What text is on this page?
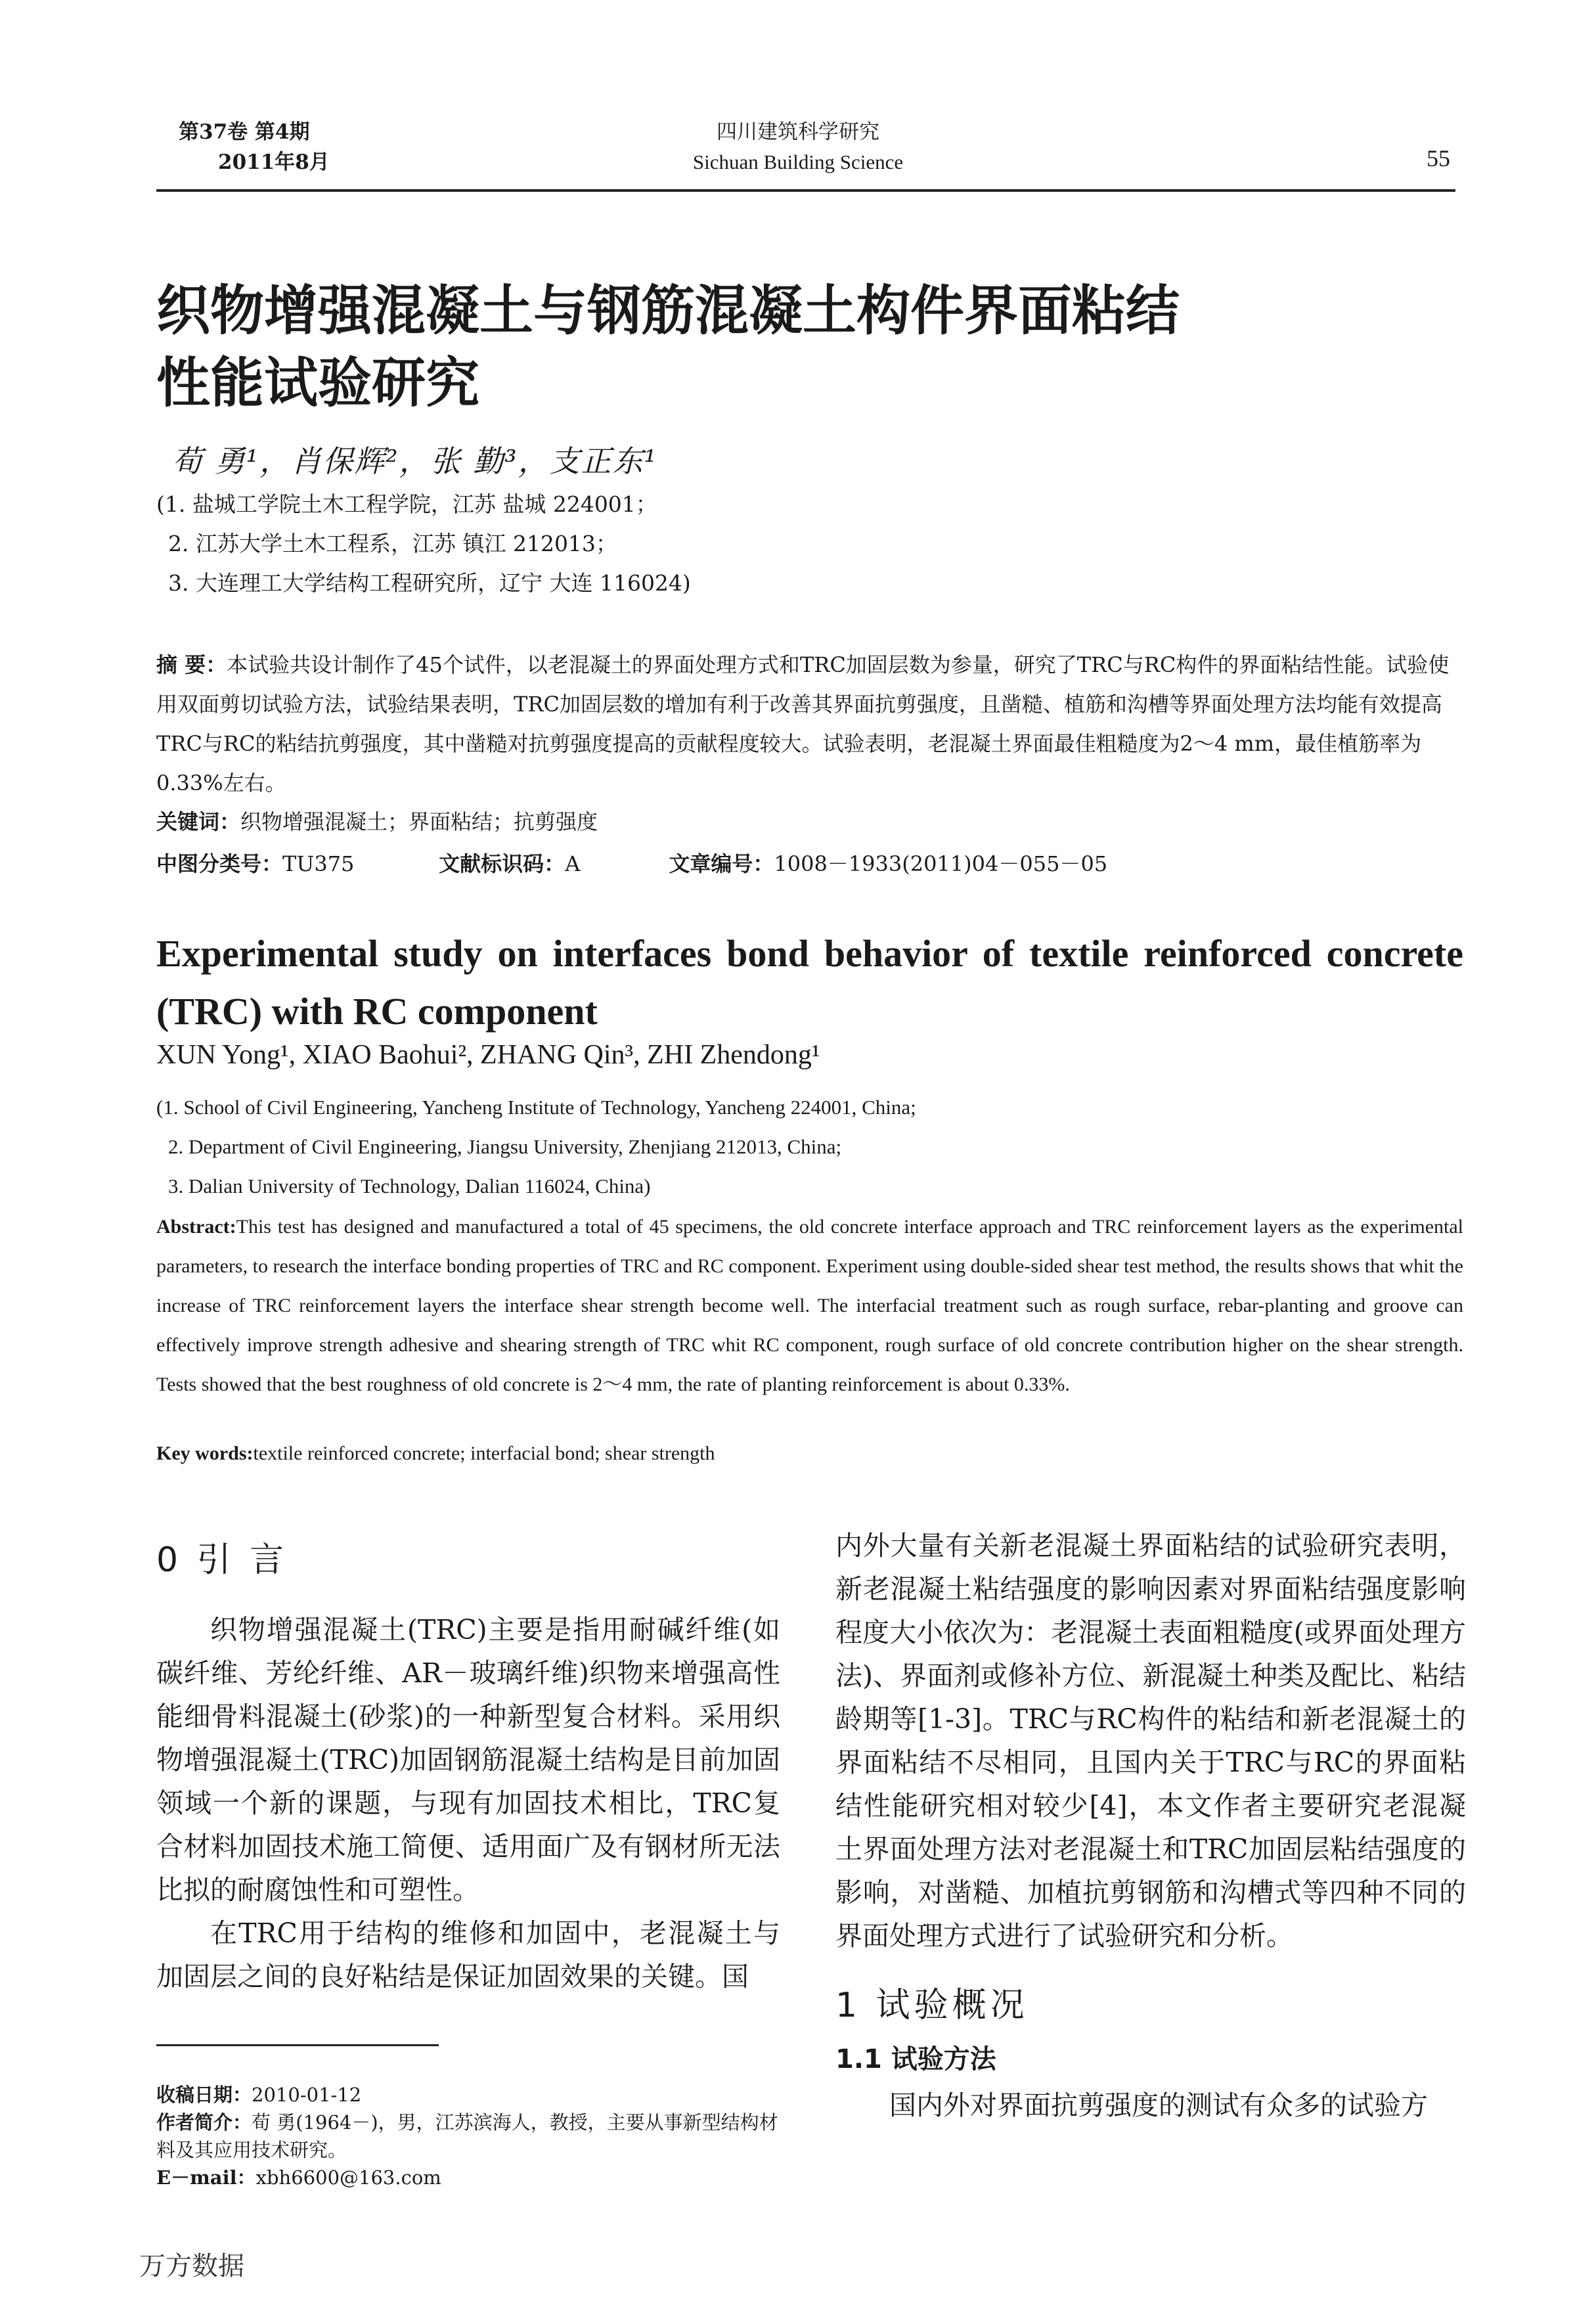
第37卷 第4期
2011年8月
四川建筑科学研究
Sichuan Building Science	55
织物增强混凝土与钢筋混凝土构件界面粘结
性能试验研究
荀 勇¹，肖保辉²，张 勤³，支正东¹
(1. 盐城工学院土木工程学院，江苏 盐城 224001；
2. 江苏大学土木工程系，江苏 镇江 212013；
3. 大连理工大学结构工程研究所，辽宁 大连 116024)
摘 要：本试验共设计制作了45个试件，以老混凝土的界面处理方式和TRC加固层数为参量，研究了TRC与RC构件的界面粘结性能。试验使用双面剪切试验方法，试验结果表明，TRC加固层数的增加有利于改善其界面抗剪强度，且凿糙、植筋和沟槽等界面处理方法均能有效提高TRC与RC的粘结抗剪强度，其中凿糙对抗剪强度提高的贡献程度较大。试验表明，老混凝土界面最佳粗糙度为2～4 mm，最佳植筋率为0.33%左右。
关键词：织物增强混凝土；界面粘结；抗剪强度
中图分类号：TU375	文献标识码：A	文章编号：1008－1933(2011)04－055－05
Experimental study on interfaces bond behavior of textile reinforced concrete (TRC) with RC component
XUN Yong¹, XIAO Baohui², ZHANG Qin³, ZHI Zhendong¹
(1. School of Civil Engineering, Yancheng Institute of Technology, Yancheng 224001, China;
2. Department of Civil Engineering, Jiangsu University, Zhenjiang 212013, China;
3. Dalian University of Technology, Dalian 116024, China)
Abstract:This test has designed and manufactured a total of 45 specimens, the old concrete interface approach and TRC reinforcement layers as the experimental parameters, to research the interface bonding properties of TRC and RC component. Experiment using double-sided shear test method, the results shows that whit the increase of TRC reinforcement layers the interface shear strength become well. The interfacial treatment such as rough surface, rebar-planting and groove can effectively improve strength adhesive and shearing strength of TRC whit RC component, rough surface of old concrete contribution higher on the shear strength. Tests showed that the best roughness of old concrete is 2～4 mm, the rate of planting reinforcement is about 0.33%.
Key words:textile reinforced concrete; interfacial bond; shear strength
0 引 言

织物增强混凝土(TRC)主要是指用耐碱纤维(如碳纤维、芳纶纤维、AR－玻璃纤维)织物来增强高性能细骨料混凝土(砂浆)的一种新型复合材料。采用织物增强混凝土(TRC)加固钢筋混凝土结构是目前加固领域一个新的课题，与现有加固技术相比，TRC复合材料加固技术施工简便、适用面广及有钢材所无法比拟的耐腐蚀性和可塑性。

在TRC用于结构的维修和加固中，老混凝土与加固层之间的良好粘结是保证加固效果的关键。国

内外大量有关新老混凝土界面粘结的试验研究表明，新老混凝土粘结强度的影响因素对界面粘结强度影响程度大小依次为：老混凝土表面粗糙度(或界面处理方法)、界面剂或修补方位、新混凝土种类及配比、粘结龄期等[1-3]。TRC与RC构件的粘结和新老混凝土的界面粘结不尽相同，且国内关于TRC与RC的界面粘结性能研究相对较少[4]，本文作者主要研究老混凝土界面处理方法对老混凝土和TRC加固层粘结强度的影响，对凿糙、加植抗剪钢筋和沟槽式等四种不同的界面处理方式进行了试验研究和分析。

1 试验概况
1.1 试验方法

国内外对界面抗剪强度的测试有众多的试验方

收稿日期：2010-01-12
作者简介：荀 勇(1964－)，男，江苏滨海人，教授，主要从事新型结构材料及其应用技术研究。
E－mail：xbh6600@163.com
万方数据
